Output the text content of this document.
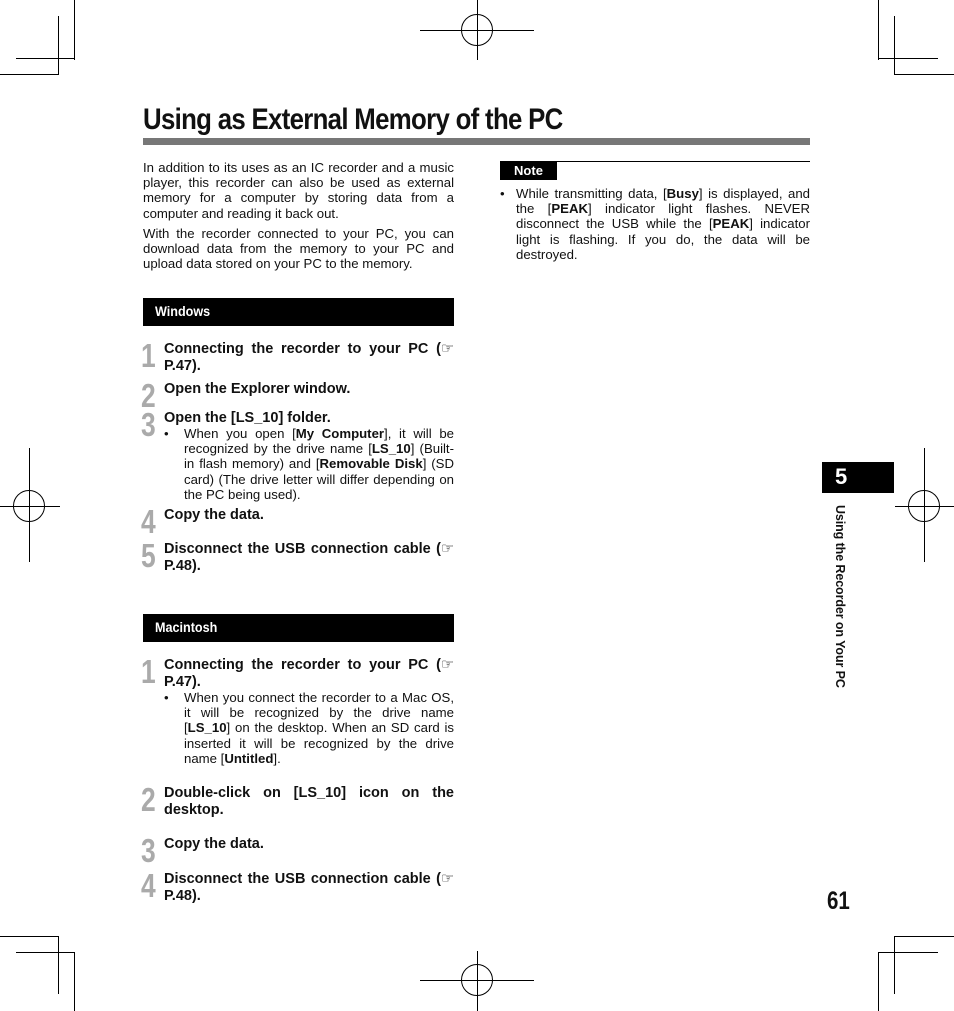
Using as External Memory of the PC

In addition to its uses as an IC recorder and a music player, this recorder can also be used as external memory for a computer by storing data from a computer and reading it back out.

With the recorder connected to your PC, you can download data from the memory to your PC and upload data stored on your PC to the memory.

Windows
1 Connecting the recorder to your PC (☞ P.47).
2 Open the Explorer window.
3 Open the [LS_10] folder.
• When you open [My Computer], it will be recognized by the drive name [LS_10] (Built-in flash memory) and [Removable Disk] (SD card) (The drive letter will differ depending on the PC being used).
4 Copy the data.
5 Disconnect the USB connection cable (☞ P.48).
Macintosh
1 Connecting the recorder to your PC (☞ P.47).
• When you connect the recorder to a Mac OS, it will be recognized by the drive name [LS_10] on the desktop. When an SD card is inserted it will be recognized by the drive name [Untitled].
2 Double-click on [LS_10] icon on the desktop.
3 Copy the data.
4 Disconnect the USB connection cable (☞ P.48).
Note
• While transmitting data, [Busy] is displayed, and the [PEAK] indicator light flashes. NEVER disconnect the USB while the [PEAK] indicator light is flashing. If you do, the data will be destroyed.
5
Using the Recorder on Your PC
61
